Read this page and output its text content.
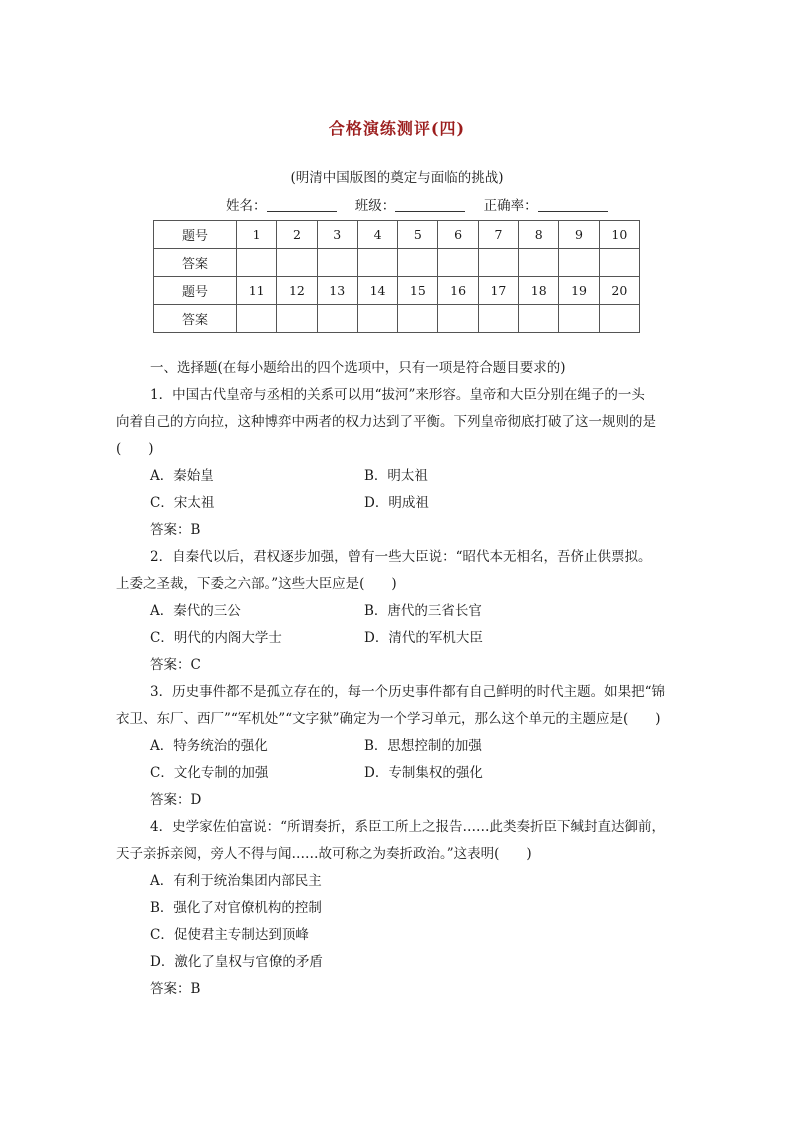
合格演练测评(四)
(明清中国版图的奠定与面临的挑战)
姓名：	班级：	正确率：
题号	1	2	3	4	5	6	7	8	9	10
答案										
题号	11	12	13	14	15	16	17	18	19	20
答案										

一、选择题(在每小题给出的四个选项中，只有一项是符合题目要求的)

1．中国古代皇帝与丞相的关系可以用“拔河”来形容。皇帝和大臣分别在绳子的一头

向着自己的方向拉，这种博弈中两者的权力达到了平衡。下列皇帝彻底打破了这一规则的是

(　　)

A．秦始皇	B．明太祖
C．宋太祖	D．明成祖

答案：B

2．自秦代以后，君权逐步加强，曾有一些大臣说：“昭代本无相名，吾侪止供票拟。

上委之圣裁，下委之六部。”这些大臣应是(　　)

A．秦代的三公	B．唐代的三省长官
C．明代的内阁大学士	D．清代的军机大臣

答案：C

3．历史事件都不是孤立存在的，每一个历史事件都有自己鲜明的时代主题。如果把“锦

衣卫、东厂、西厂”“军机处”“文字狱”确定为一个学习单元，那么这个单元的主题应是(　　)

A．特务统治的强化	B．思想控制的加强
C．文化专制的加强	D．专制集权的强化

答案：D

4．史学家佐伯富说：“所谓奏折，系臣工所上之报告……此类奏折臣下缄封直达御前，

天子亲拆亲阅，旁人不得与闻……故可称之为奏折政治。”这表明(　　)

A．有利于统治集团内部民主

B．强化了对官僚机构的控制

C．促使君主专制达到顶峰

D．激化了皇权与官僚的矛盾

答案：B
